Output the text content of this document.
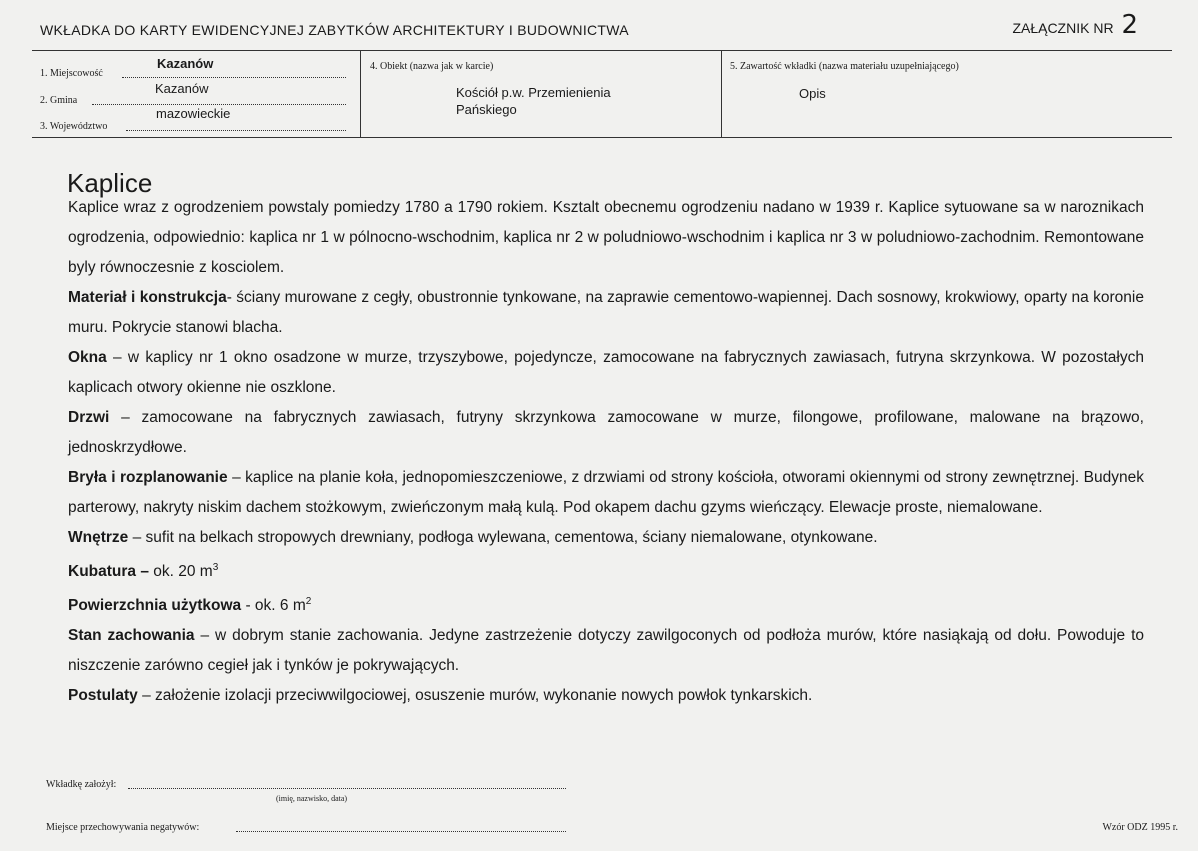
WKŁADKA DO KARTY EWIDENCYJNEJ ZABYTKÓW ARCHITEKTURY I BUDOWNICTWA	ZAŁĄCZNIK NR 2
1. Miejscowość
Kazanów
2. Gmina
Kazanów
3. Województwo
mazowieckie
4. Obiekt (nazwa jak w karcie)
Kościół p.w. Przemienienia
Pańskiego
5. Zawartość wkładki (nazwa materiału uzupełniającego)
Opis
Kaplice

Kaplice wraz z ogrodzeniem powstaly pomiedzy 1780 a 1790 rokiem. Ksztalt obecnemu ogrodzeniu nadano w 1939 r. Kaplice sytuowane sa w naroznikach ogrodzenia, odpowiednio: kaplica nr 1 w pólnocno-wschodnim, kaplica nr 2 w poludniowo-wschodnim i kaplica nr 3 w poludniowo-zachodnim. Remontowane byly równoczesnie z kosciolem.

Materiał i konstrukcja- ściany murowane z cegły, obustronnie tynkowane, na zaprawie cementowo-wapiennej. Dach sosnowy, krokwiowy, oparty na koronie muru. Pokrycie stanowi blacha.

Okna – w kaplicy nr 1 okno osadzone w murze, trzyszybowe, pojedyncze, zamocowane na fabrycznych zawiasach, futryna skrzynkowa. W pozostałych kaplicach otwory okienne nie oszklone.

Drzwi – zamocowane na fabrycznych zawiasach, futryny skrzynkowa zamocowane w murze, filongowe, profilowane, malowane na brązowo, jednoskrzydłowe.

Bryła i rozplanowanie – kaplice na planie koła, jednopomieszczeniowe, z drzwiami od strony kościoła, otworami okiennymi od strony zewnętrznej. Budynek parterowy, nakryty niskim dachem stożkowym, zwieńczonym małą kulą. Pod okapem dachu gzyms wieńczący. Elewacje proste, niemalowane.

Wnętrze – sufit na belkach stropowych drewniany, podłoga wylewana, cementowa, ściany niemalowane, otynkowane.

Kubatura – ok. 20 $m^3$

Powierzchnia użytkowa - ok. 6 $m^2$

Stan zachowania – w dobrym stanie zachowania. Jedyne zastrzeżenie dotyczy zawilgoconych od podłoża murów, które nasiąkają od dołu. Powoduje to niszczenie zarówno cegieł jak i tynków je pokrywających.

Postulaty – założenie izolacji przeciwwilgociowej, osuszenie murów, wykonanie nowych powłok tynkarskich.

Wkładkę założył:
(imię, nazwisko, data)
Miejsce przechowywania negatywów:	Wzór ODZ 1995 r.
